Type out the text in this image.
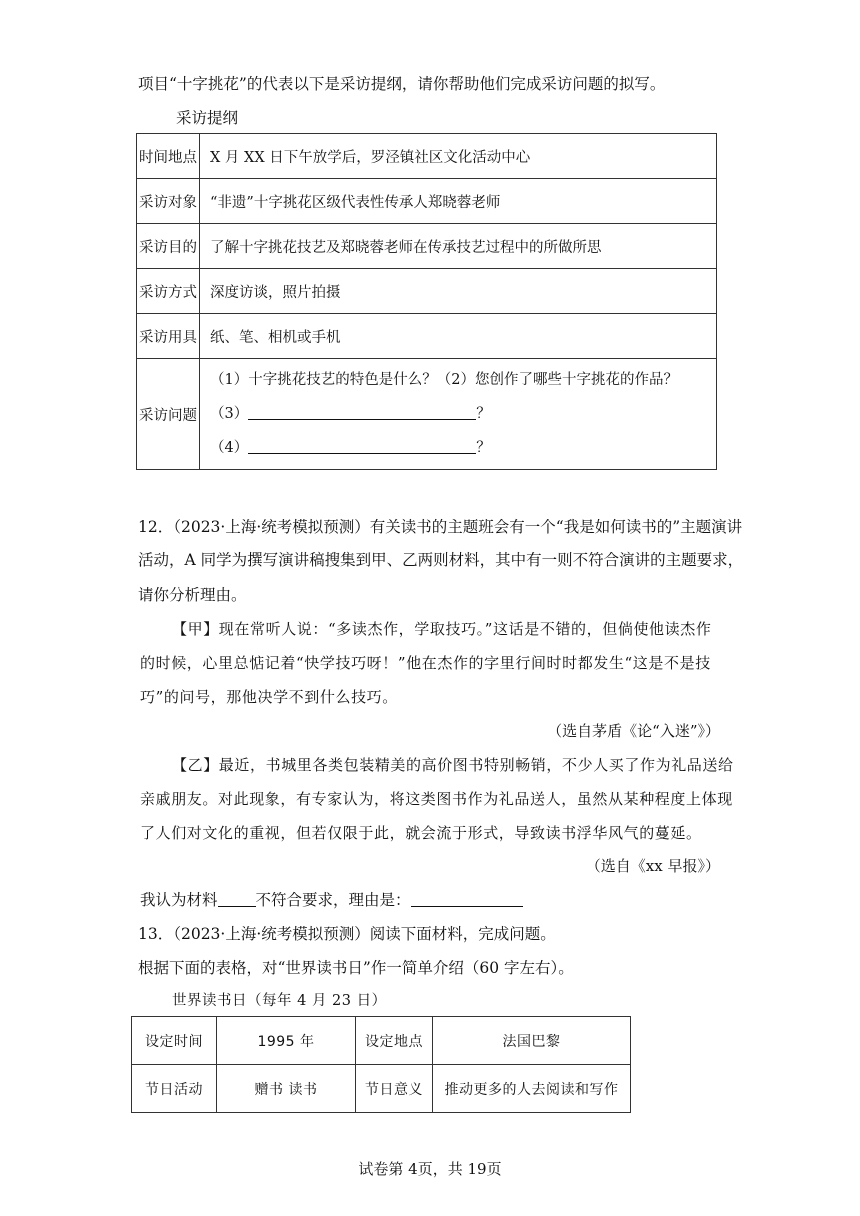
项目“十字挑花”的代表以下是采访提纲，请你帮助他们完成采访问题的拟写。
采访提纲
时间地点	X 月 XX 日下午放学后，罗泾镇社区文化活动中心
采访对象	“非遗”十字挑花区级代表性传承人郑晓蓉老师
采访目的	了解十字挑花技艺及郑晓蓉老师在传承技艺过程中的所做所思
采访方式	深度访谈，照片拍摄
采访用具	纸、笔、相机或手机
采访问题	（1）十字挑花技艺的特色是什么？（2）您创作了哪些十字挑花的作品？
（3） ？
（4） ？
12．（2023·上海·统考模拟预测）有关读书的主题班会有一个“我是如何读书的”主题演讲
活动，A 同学为撰写演讲稿搜集到甲、乙两则材料，其中有一则不符合演讲的主题要求，
请你分析理由。
【甲】现在常听人说：“多读杰作，学取技巧。”这话是不错的，但倘使他读杰作
的时候，心里总惦记着“快学技巧呀！”他在杰作的字里行间时时都发生“这是不是技
巧”的问号，那他决学不到什么技巧。
（选自茅盾《论“入迷”》）
【乙】最近，书城里各类包装精美的高价图书特别畅销，不少人买了作为礼品送给
亲戚朋友。对此现象，有专家认为，将这类图书作为礼品送人，虽然从某种程度上体现
了人们对文化的重视，但若仅限于此，就会流于形式，导致读书浮华风气的蔓延。
（选自《xx 早报》）
我认为材料 不符合要求，理由是：
13．（2023·上海·统考模拟预测）阅读下面材料，完成问题。
根据下面的表格，对“世界读书日”作一简单介绍（60 字左右）。
世界读书日（每年 4 月 23 日）
设定时间	1995 年	设定地点	法国巴黎
节日活动	赠书 读书	节日意义	推动更多的人去阅读和写作
试卷第 4页，共 19页
